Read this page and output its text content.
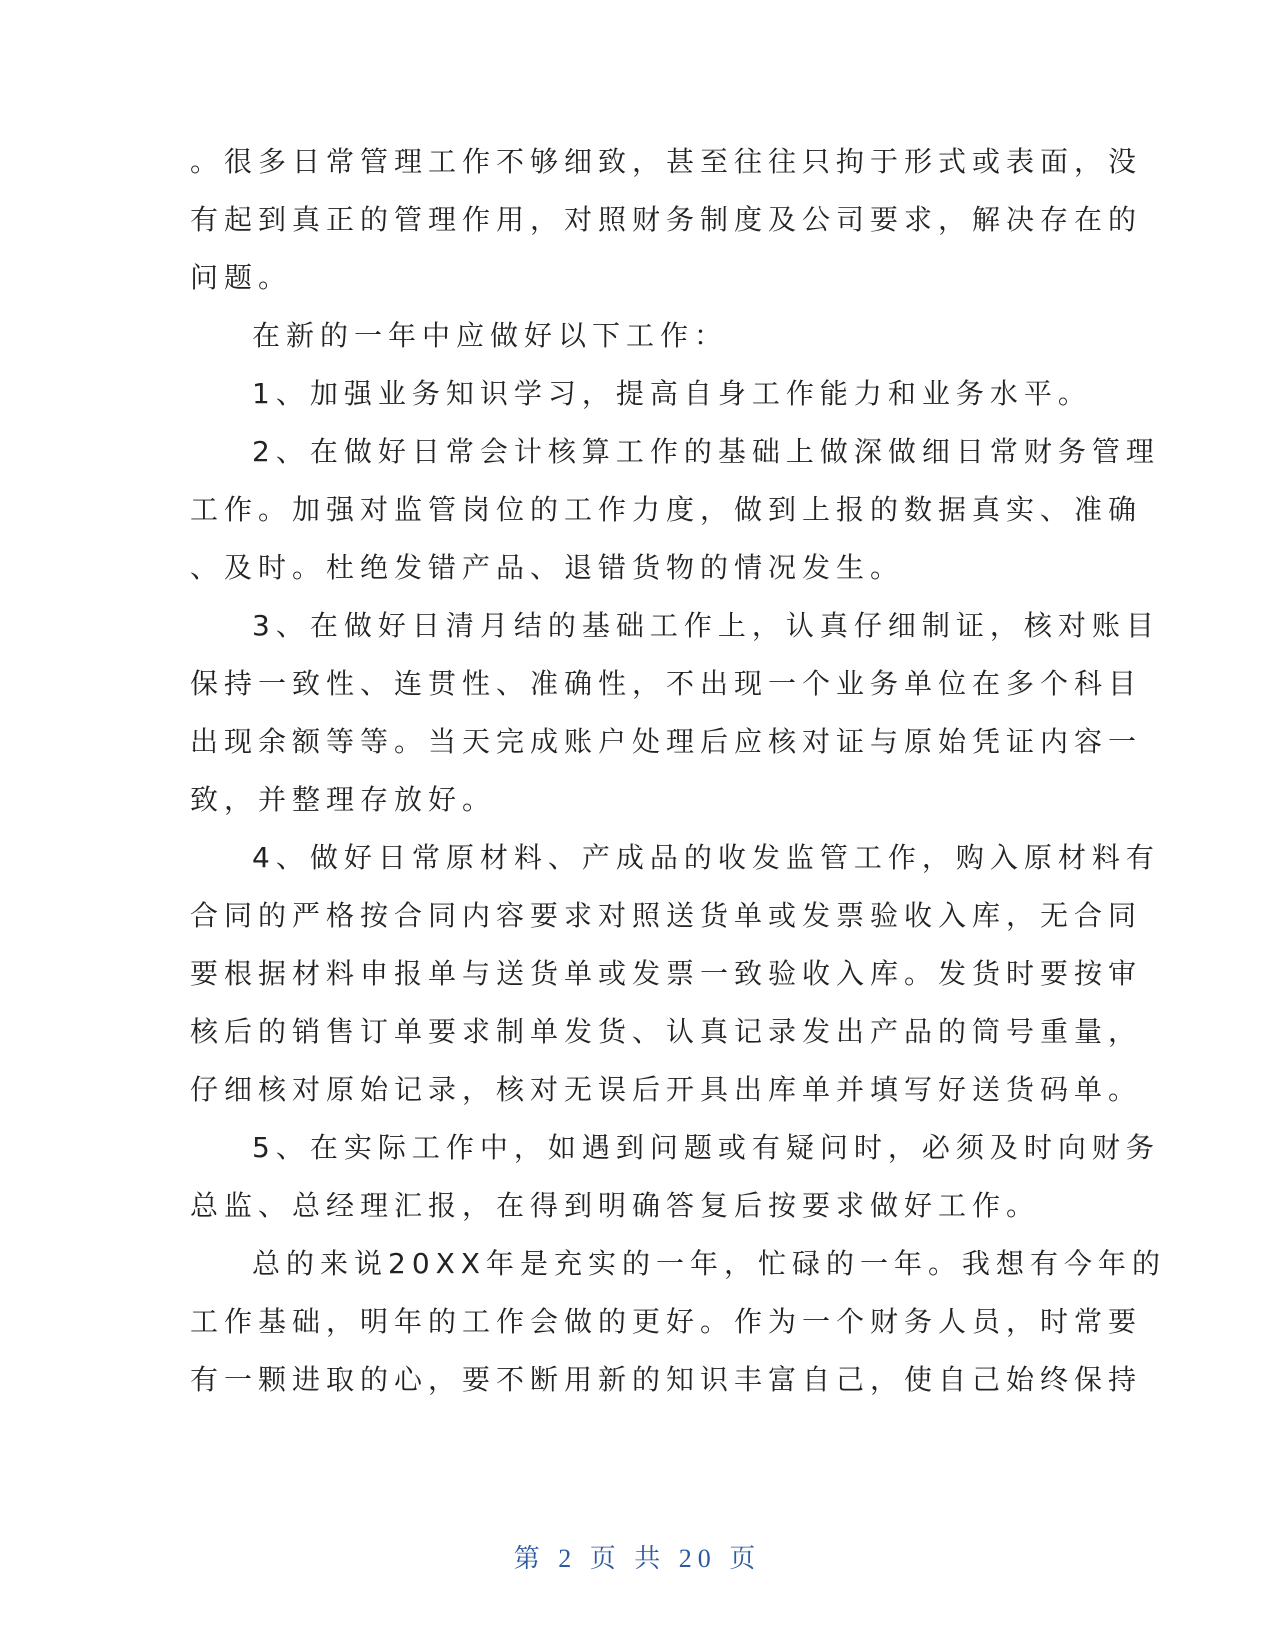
。很多日常管理工作不够细致，甚至往往只拘于形式或表面，没
有起到真正的管理作用，对照财务制度及公司要求，解决存在的
问题。
在新的一年中应做好以下工作：
1、加强业务知识学习，提高自身工作能力和业务水平。
2、在做好日常会计核算工作的基础上做深做细日常财务管理
工作。加强对监管岗位的工作力度，做到上报的数据真实、准确
、及时。杜绝发错产品、退错货物的情况发生。
3、在做好日清月结的基础工作上，认真仔细制证，核对账目
保持一致性、连贯性、准确性，不出现一个业务单位在多个科目
出现余额等等。当天完成账户处理后应核对证与原始凭证内容一
致，并整理存放好。
4、做好日常原材料、产成品的收发监管工作，购入原材料有
合同的严格按合同内容要求对照送货单或发票验收入库，无合同
要根据材料申报单与送货单或发票一致验收入库。发货时要按审
核后的销售订单要求制单发货、认真记录发出产品的筒号重量，
仔细核对原始记录，核对无误后开具出库单并填写好送货码单。
5、在实际工作中，如遇到问题或有疑问时，必须及时向财务
总监、总经理汇报，在得到明确答复后按要求做好工作。
总的来说20XX年是充实的一年，忙碌的一年。我想有今年的
工作基础，明年的工作会做的更好。作为一个财务人员，时常要
有一颗进取的心，要不断用新的知识丰富自己，使自己始终保持
第 2 页 共 20 页
